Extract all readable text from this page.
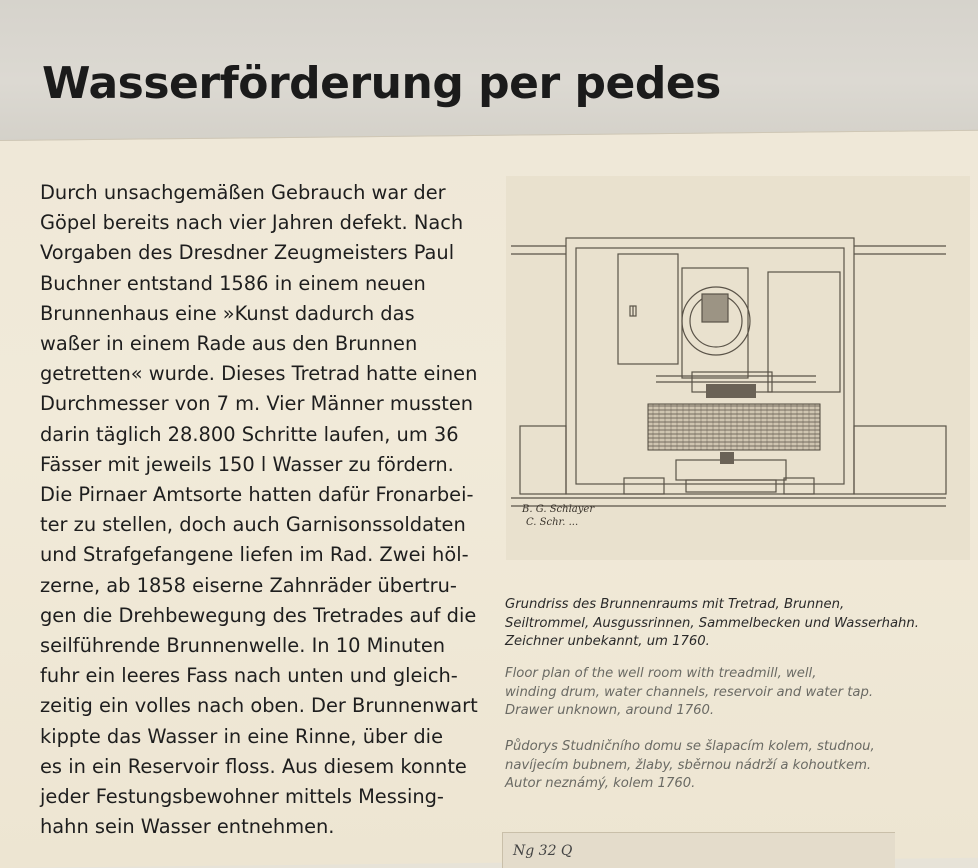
Wasserförderung per pedes
Durch unsachgemäßen Gebrauch war der
Göpel bereits nach vier Jahren defekt. Nach
Vorgaben des Dresdner Zeugmeisters Paul
Buchner entstand 1586 in einem neuen
Brunnenhaus eine »Kunst dadurch das
waßer in einem Rade aus den Brunnen
getretten« wurde. Dieses Tretrad hatte einen
Durchmesser von 7 m. Vier Männer mussten
darin täglich 28.800 Schritte laufen, um 36
Fässer mit jeweils 150 l Wasser zu fördern.
Die Pirnaer Amtsorte hatten dafür Fronarbei-
ter zu stellen, doch auch Garnisonssoldaten
und Strafgefangene liefen im Rad. Zwei höl-
zerne, ab 1858 eiserne Zahnräder übertru-
gen die Drehbewegung des Tretrades auf die
seilführende Brunnenwelle. In 10 Minuten
fuhr ein leeres Fass nach unten und gleich-
zeitig ein volles nach oben. Der Brunnenwart
kippte das Wasser in eine Rinne, über die
es in ein Reservoir floss. Aus diesem konnte
jeder Festungsbewohner mittels Messing-
hahn sein Wasser entnehmen.
B. G. Schlayer
C. Schr. ...
Grundriss des Brunnenraums mit Tretrad, Brunnen,
Seiltrommel, Ausgussrinnen, Sammelbecken und Wasserhahn.
Zeichner unbekannt, um 1760.
Floor plan of the well room with treadmill, well,
winding drum, water channels, reservoir and water tap.
Drawer unknown, around 1760.
Půdorys Studničního domu se šlapacím kolem, studnou,
navíjecím bubnem, žlaby, sběrnou nádrží a kohoutkem.
Autor neznámý, kolem 1760.
Ng 32 Q
